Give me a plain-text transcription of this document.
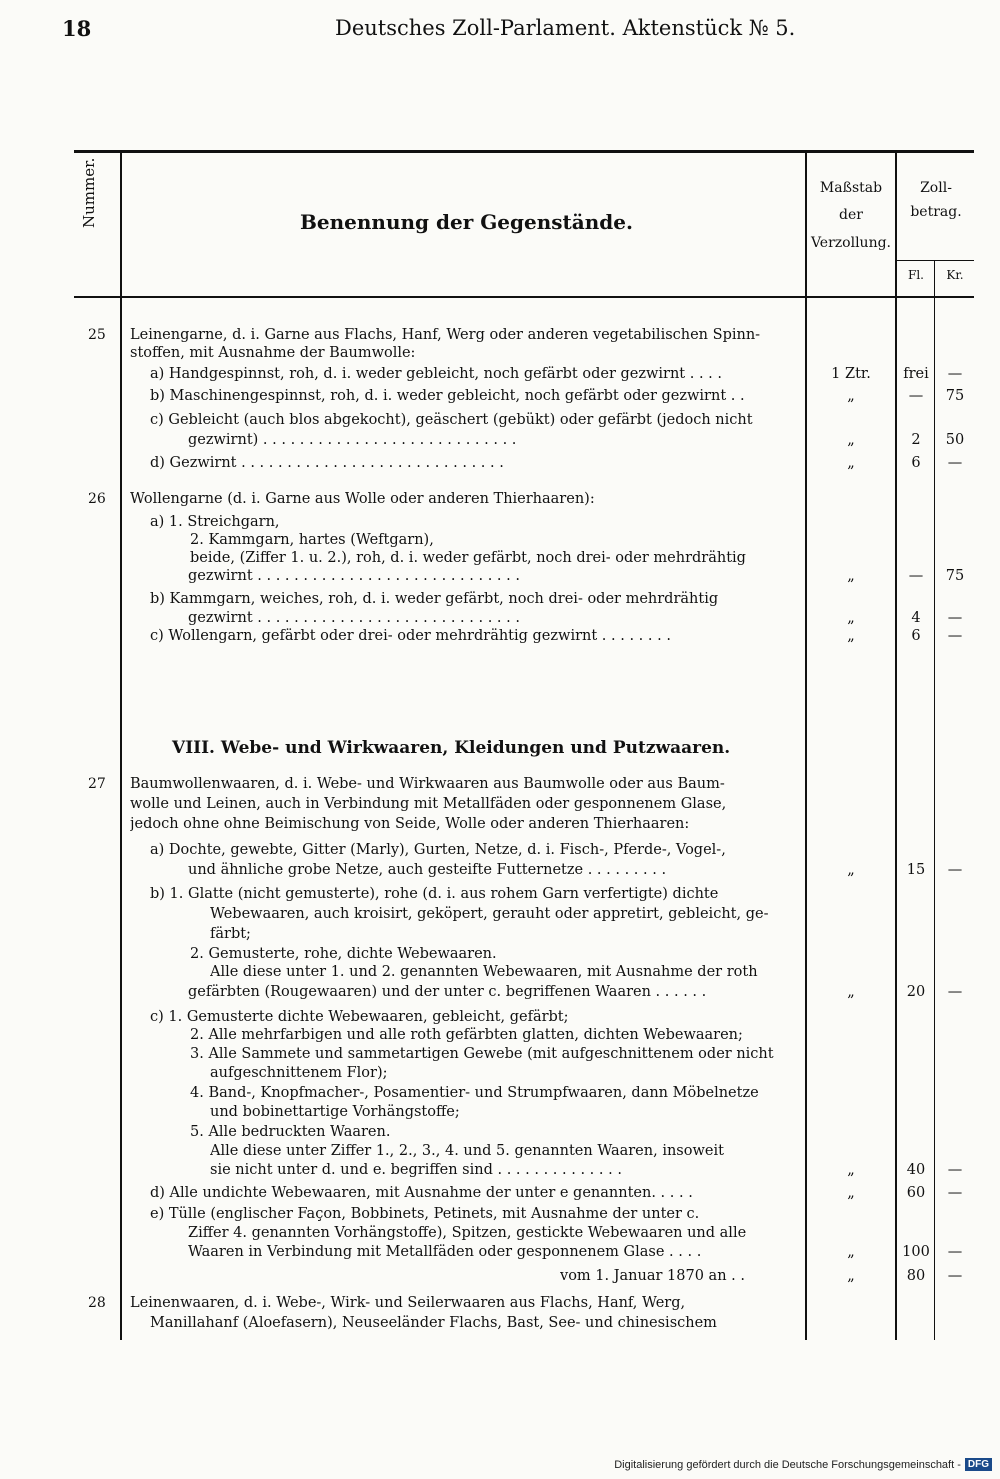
18	Deutsches Zoll-Parlament. Aktenstück № 5.
Nummer.	Benennung der Gegenstände.
Maßstab
der
Verzollung.
Zoll-
betrag.
Fl.	Kr.
VIII. Webe- und Wirkwaaren, Kleidungen und Putzwaaren.
25 Leinengarne, d. i. Garne aus Flachs, Hanf, Werg oder anderen vegetabilischen Spinn-
stoffen, mit Ausnahme der Baumwolle:
a) Handgespinnst, roh, d. i. weder gebleicht, noch gefärbt oder gezwirnt . . . .	1 Ztr.	frei	—
b) Maschinengespinnst, roh, d. i. weder gebleicht, noch gefärbt oder gezwirnt . .	„	—	75
c) Gebleicht (auch blos abgekocht), geäschert (gebükt) oder gefärbt (jedoch nicht
gezwirnt) . . . . . . . . . . . . . . . . . . . . . . . . . . . .	„	2	50
d) Gezwirnt . . . . . . . . . . . . . . . . . . . . . . . . . . . . .	„	6	—
26 Wollengarne (d. i. Garne aus Wolle oder anderen Thierhaaren):
a) 1. Streichgarn,
2. Kammgarn, hartes (Weftgarn),
beide, (Ziffer 1. u. 2.), roh, d. i. weder gefärbt, noch drei- oder mehrdrähtig
gezwirnt . . . . . . . . . . . . . . . . . . . . . . . . . . . . .	„	—	75
b) Kammgarn, weiches, roh, d. i. weder gefärbt, noch drei- oder mehrdrähtig
gezwirnt . . . . . . . . . . . . . . . . . . . . . . . . . . . . .	„	4	—
c) Wollengarn, gefärbt oder drei- oder mehrdrähtig gezwirnt . . . . . . . .	„	6	—
27 Baumwollenwaaren, d. i. Webe- und Wirkwaaren aus Baumwolle oder aus Baum-
wolle und Leinen, auch in Verbindung mit Metallfäden oder gesponnenem Glase,
jedoch ohne ohne Beimischung von Seide, Wolle oder anderen Thierhaaren:
a) Dochte, gewebte, Gitter (Marly), Gurten, Netze, d. i. Fisch-, Pferde-, Vogel-,
und ähnliche grobe Netze, auch gesteifte Futternetze . . . . . . . . .	„	15	—
b) 1. Glatte (nicht gemusterte), rohe (d. i. aus rohem Garn verfertigte) dichte
Webewaaren, auch kroisirt, geköpert, gerauht oder appretirt, gebleicht, ge-
färbt;
2. Gemusterte, rohe, dichte Webewaaren.
Alle diese unter 1. und 2. genannten Webewaaren, mit Ausnahme der roth
gefärbten (Rougewaaren) und der unter c. begriffenen Waaren . . . . . .	„	20	—
c) 1. Gemusterte dichte Webewaaren, gebleicht, gefärbt;
2. Alle mehrfarbigen und alle roth gefärbten glatten, dichten Webewaaren;
3. Alle Sammete und sammetartigen Gewebe (mit aufgeschnittenem oder nicht
aufgeschnittenem Flor);
4. Band-, Knopfmacher-, Posamentier- und Strumpfwaaren, dann Möbelnetze
und bobinettartige Vorhängstoffe;
5. Alle bedruckten Waaren.
Alle diese unter Ziffer 1., 2., 3., 4. und 5. genannten Waaren, insoweit
sie nicht unter d. und e. begriffen sind . . . . . . . . . . . . . .	„	40	—
d) Alle undichte Webewaaren, mit Ausnahme der unter e genannten. . . . .	„	60	—
e) Tülle (englischer Façon, Bobbinets, Petinets, mit Ausnahme der unter c.
Ziffer 4. genannten Vorhängstoffe), Spitzen, gestickte Webewaaren und alle
Waaren in Verbindung mit Metallfäden oder gesponnenem Glase . . . .	„	100	—
vom 1. Januar 1870 an . .	„	80	—
28 Leinenwaaren, d. i. Webe-, Wirk- und Seilerwaaren aus Flachs, Hanf, Werg,
Manillahanf (Aloefasern), Neuseeländer Flachs, Bast, See- und chinesischem
Digitalisierung gefördert durch die Deutsche Forschungsgemeinschaft - DFG
